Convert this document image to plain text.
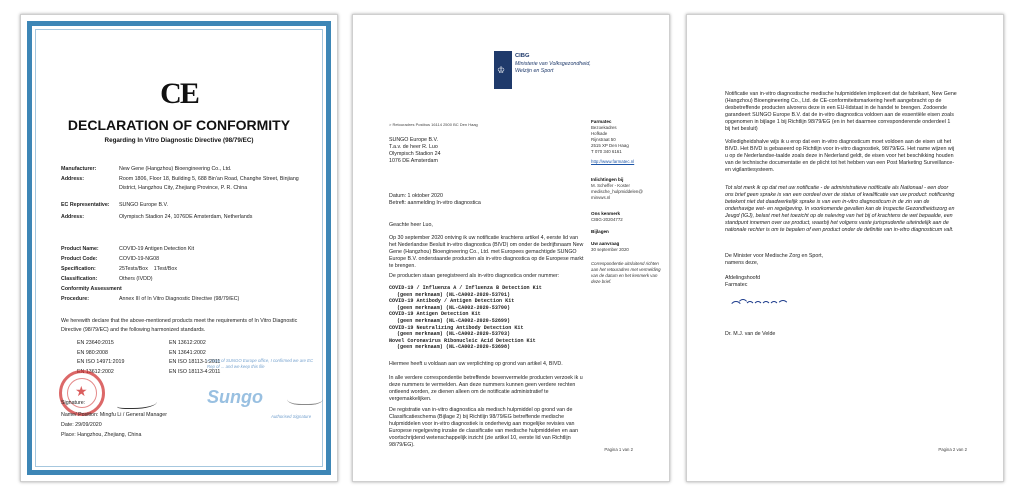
CE
DECLARATION OF CONFORMITY
Regarding In Vitro Diagnostic Directive (98/79/EC)
Manufacturer:	New Gene (Hangzhou) Bioengineering Co., Ltd.
Address:	Room 1806, Floor 18, Building 5, 688 Bin'an Road, Changhe Street, Binjiang District, Hangzhou City, Zhejiang Province, P. R. China
EC Representative:	SUNGO Europe B.V.
Address:	Olympisch Stadion 24, 1076DE Amsterdam, Netherlands
Product Name:	COVID-19 Antigen Detection Kit
Product Code:	COVID-19-NG08
Specification:	25Tests/Box    1Test/Box
Classification:	Others (IVDD)
Conformity Assessment
Procedure:	Annex III of In Vitro Diagnostic Directive (98/79/EC)
We herewith declare that the above-mentioned products meet the requirements of In Vitro Diagnostic Directive (98/79/EC) and the following harmonized standards.
EN 23640:2015	EN 13612:2002
EN 980:2008	EN 13641:2002
EN ISO 14971:2019	EN ISO 18113-1:2011
EN 13612:2002	EN ISO 18113-4:2011
★
A copy of SUNGO Europe office, I confirmed we are EC Rep of ... and we keep this file
Sungo
Authorised Signature
Signature:
Name/ Position: Mingfu Li / General Manager
Date: 29/09/2020
Place: Hangzhou, Zhejiang, China
♔
CIBG
Ministerie van Volksgezondheid, Welzijn en Sport
> Retouradres Postbus 16114 2500 BC Den Haag
SUNGO Europe B.V.
T.a.v. de heer R. Luo
Olympisch Stadion 24
1076 DE Amsterdam
Farmatec
Bezoekadres
Hofkade
Rijnstraat 50
2515 XP Den Haag
T 070 340 6161
http://www.farmatec.nl
Inlichtingen bij
M. Scheffer - Koster
medische_hulpmiddelen@
minvws.nl
Ons kenmerk
CIBG-20204772
Bijlagen
Uw aanvraag
30 september 2020
Correspondentie uitsluitend richten aan het retouradres met vermelding van de datum en het kenmerk van deze brief.
Datum: 1 oktober 2020
Betreft: aanmelding In-vitro diagnostica
Geachte heer Luo,
Op 30 september 2020 ontving ik uw notificatie krachtens artikel 4, eerste lid van het Nederlandse Besluit in-vitro diagnostica (BIVD) om onder de bedrijfsnaam New Gene (Hangzhou) Bioengineering Co., Ltd. met Europees gemachtigde SUNGO Europe B.V. onderstaande producten als in-vitro diagnostica op de Europese markt te brengen.
De producten staan geregistreerd als in-vitro diagnostica onder nummer:
COVID-19 / Influenza A / Influenza B Detection Kit
(geen merknaam) (NL-CA002-2020-53701)
COVID-19 Antibody / Antigen Detection Kit
(geen merknaam) (NL-CA002-2020-53700)
COVID-19 Antigen Detection Kit
(geen merknaam) (NL-CA002-2020-52699)
COVID-19 Neutralizing Antibody Detection Kit
(geen merknaam) (NL-CA002-2020-53703)
Novel Coronavirus Ribonucleic Acid Detection Kit
(geen merknaam) (NL-CA002-2020-53698)
Hiermee heeft u voldaan aan uw verplichting op grond van artikel 4, BIVD.
In alle verdere correspondentie betreffende bovenvermelde producten verzoek ik u deze nummers te vermelden. Aan deze nummers kunnen geen verdere rechten ontleend worden, ze dienen alleen om de notificatie administratief te vergemakkelijken.
De registratie van in-vitro diagnostica als medisch hulpmiddel op grond van de Classificatieschema (Bijlage 2) bij Richtlijn 98/79/EG betreffende medische hulpmiddelen voor in-vitro diagnostiek is onderhevig aan mogelijke revisies van Europese regelgeving inzake de classificatie van medische hulpmiddelen en aan voortschrijdend wetenschappelijk inzicht (zie artikel 10, eerste lid van Richtlijn 98/79/EG).
Pagina 1 van 2
Notificatie van in-vitro diagnostische medische hulpmiddelen impliceert dat de fabrikant, New Gene (Hangzhou) Bioengineering Co., Ltd. de CE-conformiteitsmarkering heeft aangebracht op de desbetreffende producten alvorens deze in een EU-lidstaat in de handel te brengen. Zodoende garandeert SUNGO Europe B.V. dat de in-vitro diagnostica voldoen aan de essentiële eisen zoals opgenomen in bijlage 1 bij Richtlijn 98/79/EG (en in het daarmee corresponderende onderdeel 1 bij het besluit)
Volledigheidshalve wijs ik u erop dat een in-vitro diagnosticum moet voldoen aan de eisen uit het BIVD. Het BIVD is gebaseerd op Richtlijn voor in-vitro diagnostiek, 98/79/EG. Het name wijzen wij u op de Nederlandse-taalde zoals deze in Nederland geldt, de eisen voor het beschikking houden van de technische documentatie en de plicht tot het hebben van een Post Marketing Surveillance- en vigilantiesysteem.
Tot slot merk ik op dat met uw notificatie - de administratieve notificatie als Nationaal - een door ons brief geen sprake is van een oordeel over de status of kwalificatie van uw product: notificering betekent niet dat daadwerkelijk sprake is van een in-vitro diagnosticum in de zin van de onderhavige wet- en regelgeving. In voorkomende gevallen kan de Inspectie Gezondheidszorg en Jeugd (IGJ), belast met het toezicht op de naleving van het bij of krachtens de wet bepaalde, een standpunt innemen over uw product, waarbij het volgens vaste jurisprudentie uiteindelijk aan de nationale rechter is om te bepalen of een product onder de definitie van in-vitro diagnosticum valt.
De Minister voor Medische Zorg en Sport,
namens deze,
Afdelingshoofd
Farmatec
Dr. M.J. van de Velde
Pagina 2 van 2
